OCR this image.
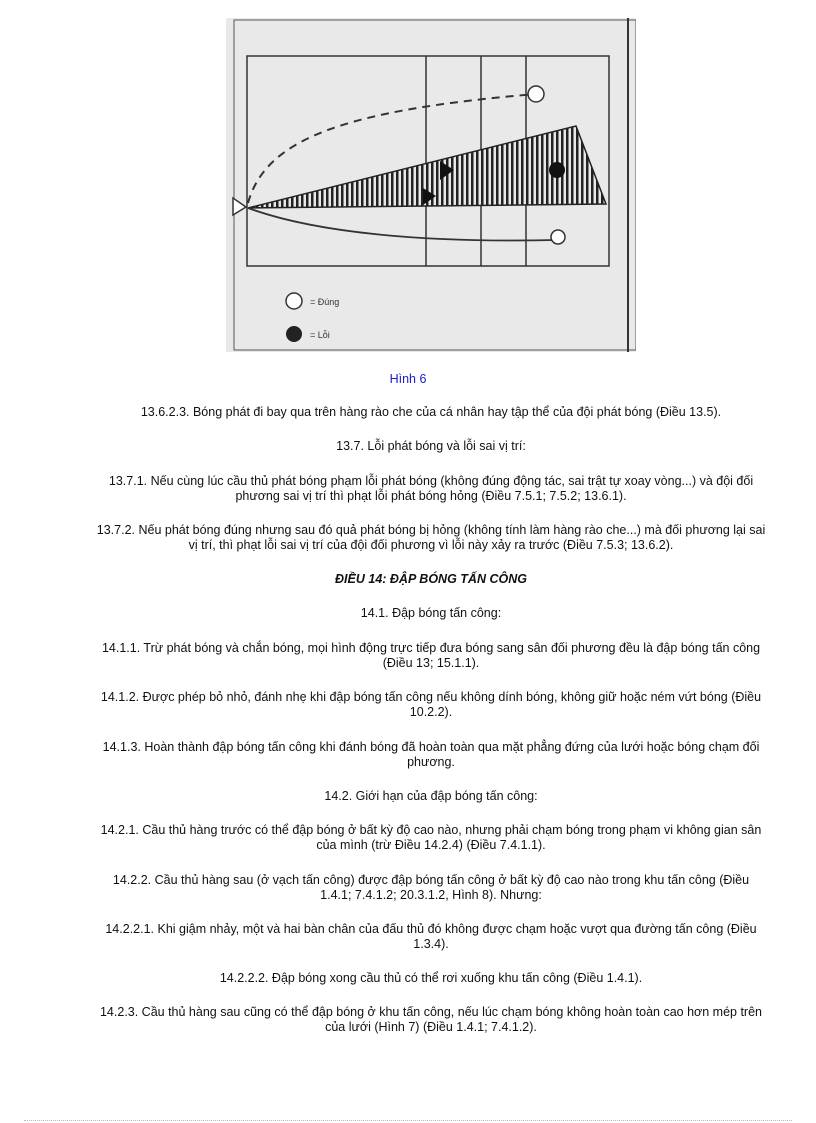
= Đúng
= Lỗi
Hình 6

13.6.2.3. Bóng phát đi bay qua trên hàng rào che của cá nhân hay tập thể của đội phát bóng (Điều 13.5).

13.7. Lỗi phát bóng và lỗi sai vị trí:

13.7.1. Nếu cùng lúc cầu thủ phát bóng phạm lỗi phát bóng (không đúng động tác, sai trật tự xoay vòng...) và đội đối phương sai vị trí thì phạt lỗi phát bóng hỏng (Điều 7.5.1; 7.5.2; 13.6.1).

13.7.2. Nếu phát bóng đúng nhưng sau đó quả phát bóng bị hỏng (không tính làm hàng rào che...) mà đối phương lại sai vị trí, thì phạt lỗi sai vị trí của đội đối phương vì lỗi này xảy ra trước (Điều 7.5.3; 13.6.2).

ĐIỀU 14: ĐẬP BÓNG TẤN CÔNG

14.1. Đập bóng tấn công:

14.1.1. Trừ phát bóng và chắn bóng, mọi hình động trực tiếp đưa bóng sang sân đối phương đều là đập bóng tấn công (Điều 13; 15.1.1).

14.1.2. Được phép bỏ nhỏ, đánh nhẹ khi đập bóng tấn công nếu không dính bóng, không giữ hoặc ném vứt bóng (Điều 10.2.2).

14.1.3. Hoàn thành đập bóng tấn công khi đánh bóng đã hoàn toàn qua mặt phẳng đứng của lưới hoặc bóng chạm đối phương.

14.2. Giới hạn của đập bóng tấn công:

14.2.1. Cầu thủ hàng trước có thể đập bóng ở bất kỳ độ cao nào, nhưng phải chạm bóng trong phạm vi không gian sân của mình (trừ Điều 14.2.4) (Điều 7.4.1.1).

14.2.2. Cầu thủ hàng sau (ở vạch tấn công) được đập bóng tấn công ở bất kỳ độ cao nào trong khu tấn công (Điều 1.4.1; 7.4.1.2; 20.3.1.2, Hình 8). Nhưng:

14.2.2.1. Khi giậm nhảy, một và hai bàn chân của đấu thủ đó không được chạm hoặc vượt qua đường tấn công (Điều 1.3.4).

14.2.2.2. Đập bóng xong cầu thủ có thể rơi xuống khu tấn công (Điều 1.4.1).

14.2.3. Cầu thủ hàng sau cũng có thể đập bóng ở khu tấn công, nếu lúc chạm bóng không hoàn toàn cao hơn mép trên của lưới (Hình 7) (Điều 1.4.1; 7.4.1.2).
